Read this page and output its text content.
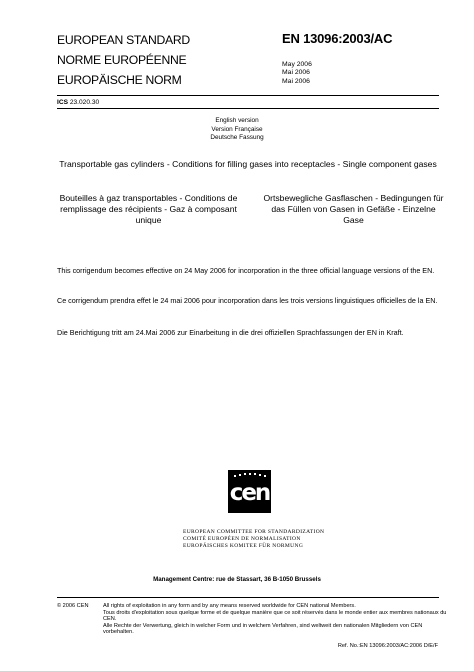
EUROPEAN STANDARD
NORME EUROPÉENNE
EUROPÄISCHE NORM
EN 13096:2003/AC
May 2006
Mai 2006
Mai 2006
ICS 23.020.30
English version
Version Française
Deutsche Fassung
Transportable gas cylinders - Conditions for filling gases into receptacles - Single component gases
Bouteilles à gaz transportables - Conditions de remplissage des récipients - Gaz à composant unique
Ortsbewegliche Gasflaschen - Bedingungen für das Füllen von Gasen in Gefäße - Einzelne Gase
This corrigendum becomes effective on 24 May 2006 for incorporation in the three official language versions of the EN.
Ce corrigendum prendra effet le 24 mai 2006 pour incorporation dans les trois versions linguistiques officielles de la EN.
Die Berichtigung tritt am 24.Mai 2006 zur Einarbeitung in die drei offiziellen Sprachfassungen der EN in Kraft.
cen
EUROPEAN COMMITTEE FOR STANDARDIZATION
COMITÉ EUROPÉEN DE NORMALISATION
EUROPÄISCHES KOMITEE FÜR NORMUNG
Management Centre: rue de Stassart, 36 B-1050 Brussels
© 2006 CEN	All rights of exploitation in any form and by any means reserved worldwide for CEN national Members.
Tous droits d'exploitation sous quelque forme et de quelque manière que ce soit réservés dans le monde entier aux membres nationaux du CEN.
Alle Rechte der Verwertung, gleich in welcher Form und in welchem Verfahren, sind weltweit den nationalen Mitgliedern von CEN vorbehalten.
Ref. No.:EN 13096:2003/AC:2006 D/E/F
